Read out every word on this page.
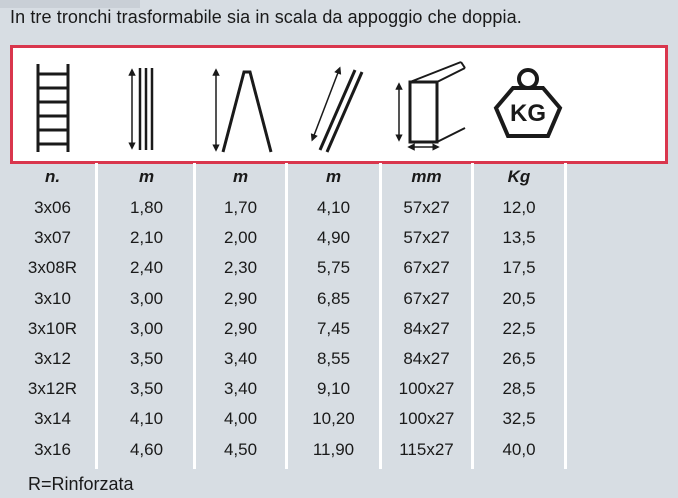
In tre tronchi trasformabile sia in scala da appoggio che doppia.
KG
n.
3x06
3x07
3x08R
3x10
3x10R
3x12
3x12R
3x14
3x16
m
1,80
2,10
2,40
3,00
3,00
3,50
3,50
4,10
4,60
m
1,70
2,00
2,30
2,90
2,90
3,40
3,40
4,00
4,50
m
4,10
4,90
5,75
6,85
7,45
8,55
9,10
10,20
11,90
mm
57x27
57x27
67x27
67x27
84x27
84x27
100x27
100x27
115x27
Kg
12,0
13,5
17,5
20,5
22,5
26,5
28,5
32,5
40,0
R=Rinforzata
